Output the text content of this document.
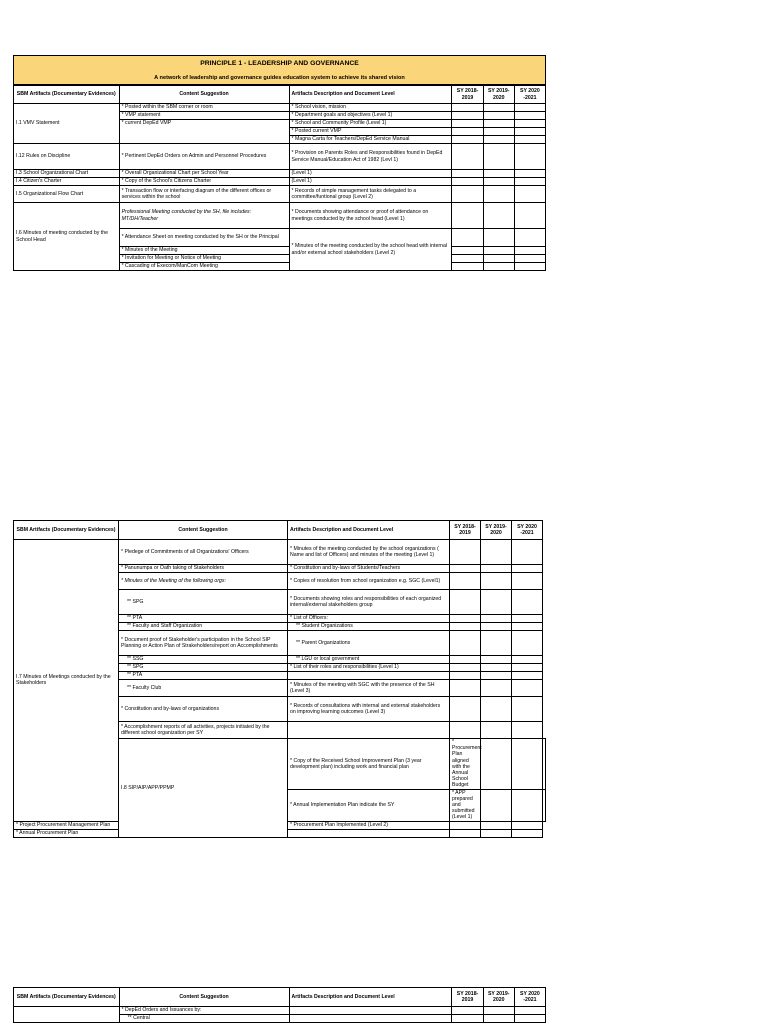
PRINCIPLE 1 - LEADERSHIP AND GOVERNANCE
A network of leadership and governance guides education system to achieve its shared vision
SBM Artifacts (Documentary Evidences)	Content Suggestion	Artifacts Description and Document Level	SY 2018-2019	SY 2019-2020	SY 2020 -2021
I.1 VMV Statement	* Posted within the SBM corner or room	* School vision, mission			
	* VMP statement	* Department goals and objectives (Level 1)			
	* current DepEd VMP	* School and Community Profile (Level 1)			
		* Posted current VMP			
		* Magna Carta for Teachers/DepEd Service Manual			
I.12 Rules on Discipline	* Pertinent DepEd Orders on Admin and Personnel Procedures	* Provision on Parents Roles and Responsibilities found in DepEd Service Manual/Education Act of 1982 (Levl 1)			
I.3 School Organizational Chart	* Overall Organizational Chart per School Year	(Level 1)			
I.4 Citizen's Charter	* Copy of the School's Citizens Charter	(Level 1)			
I.5 Organizational Flow Chart	* Transaction flow or interfacing diagram of the different offices or services within the school	* Records of simple management tasks delegated to a committee/funtional group (Level 2)			
I.6 Minutes of meeting conducted by the School Head	Professional Meeting conducted by the SH, file includes: MT/DH/Teacher	* Documents showing attendance or proof of attendance on meetings conducted by the school head (Level 1)			
	* Attendance Sheet on meeting conducted by the SH or the Principal	* Minutes of the meeting conducted by the school head with internal and/or external school stakeholders (Level 2)			
	* Minutes of the Meeting				
	* Invitation for Meeting or Notice of Meeting				
	* Cascading of Execom/ManCom Meeting				
SBM Artifacts (Documentary Evidences)	Content Suggestion	Artifacts Description and Document Level	SY 2018-2019	SY 2019-2020	SY 2020 -2021	
I.7 Minutes of Meetings conducted by the Stakeholders	* Pledege of Commitments of all Organizations' Officers	* Minutes of the meeting conducted by the school organizations ( Name and list of Officers) and minutes of the meeting (Level 1)				
	* Panunumpa or Oath taking of Stakeholders	* Constitution and by-laws of Students/Teachers				
	* Minutes of the Meeting of the following orgs:	* Copies of resolution from school organization e.g. SGC (Level1)				
	** SPG	* Documents showing roles and responsibilities of each organized internal/external stakeholders group				
	** PTA	* List of Officers:				
	** Faculty and Staff Organization	** Student Organizations				
	* Document proof of Stakeholder's participation in the School SIP Planning or Action Plan of Strakeholders/report on Accomplishments	** Parent Organizations				
	** SSG	** LGU or local government				
	** SPG	* List of their roles and responsibilities (Level 1)				
	** PTA					
	** Faculty Club	* Minutes of the meeting with SGC with the presence of the SH (Level 3)				
	* Constitution and by-laws of organizations	* Records of consultations with internal and external stakeholders on improving learning outcomes (Level 3)				
	* Accomplishment reports of all activities, projects initiated by the different school organization per SY					
	I.8 SIP/AIP/APP/PPMP	* Copy of the Received School Improvement Plan (3 year development plan) including work and financial plan	* Procurement Plan aligned with the Annual School Budget			
		* Annual Implementation Plan indicate the SY	* APP prepared and submitted (Level 1)			
* Project Procurement Management Plan		* Procurement Plan Implemented (Level 2)				
* Annual Procurement Plan						
SBM Artifacts (Documentary Evidences)	Content Suggestion	Artifacts Description and Document Level	SY 2018-2019	SY 2019-2020	SY 2020 -2021
	* DepEd Orders and Issuances by:				
	** Central				
